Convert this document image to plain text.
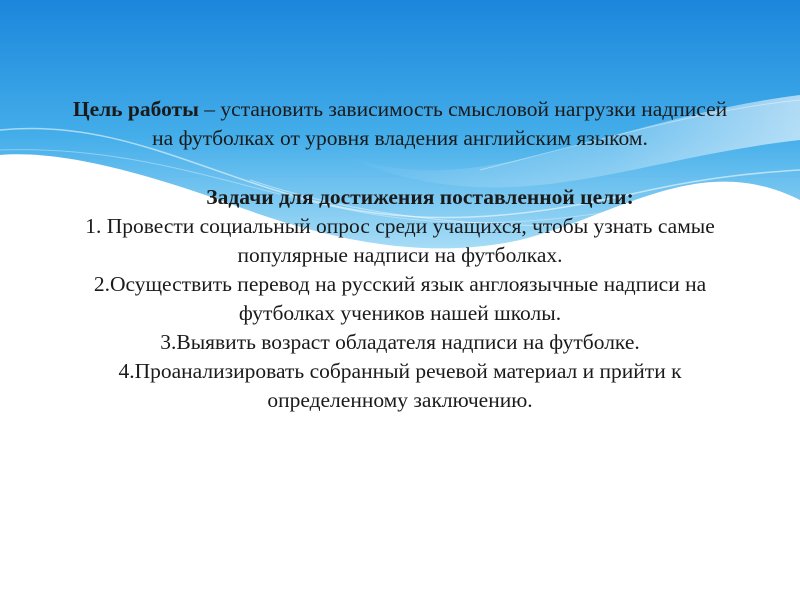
Цель работы – установить зависимость смысловой нагрузки надписей на футболках от уровня владения английским языком.
Задачи для достижения поставленной цели:
1. Провести социальный опрос среди учащихся, чтобы узнать самые популярные надписи на футболках.
2.Осуществить перевод на русский язык англоязычные надписи на футболках учеников нашей школы.
3.Выявить возраст обладателя надписи на футболке.
4.Проанализировать собранный речевой материал и прийти к определенному заключению.
